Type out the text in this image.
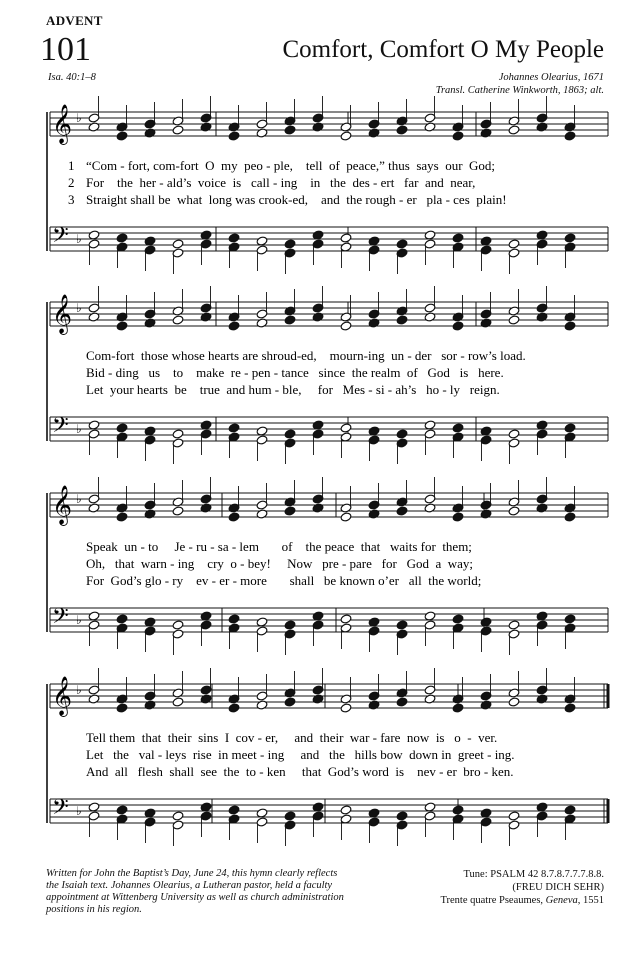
ADVENT
101	Comfort, Comfort O My People
Isa. 40:1–8	Johannes Olearius, 1671
Transl. Catherine Winkworth, 1863; alt.
𝄞 ♭
𝄢 ♭
𝄞 ♭
𝄢 ♭
𝄞 ♭
𝄢 ♭
𝄞 ♭
𝄢 ♭
1 “Com - fort, com-fort  O  my  peo - ple,    tell  of  peace,” thus  says  our  God;
2 For    the  her - ald’s  voice  is   call - ing    in   the  des - ert   far  and  near,
3 Straight shall be  what  long was crook-ed,    and  the rough - er   pla - ces  plain!
Com-fort  those whose hearts are shroud-ed,    mourn-ing  un - der   sor - row’s load.
Bid - ding   us    to    make  re - pen - tance   since  the realm  of   God   is   here.
Let  your hearts  be    true  and hum - ble,     for   Mes - si - ah’s   ho - ly   reign.
Speak  un - to     Je - ru - sa - lem       of    the peace  that   waits for  them;
Oh,   that  warn - ing    cry  o - bey!     Now   pre - pare   for   God  a  way;
For  God’s glo - ry    ev - er - more       shall   be known o’er   all  the world;
Tell them  that  their  sins  I  cov - er,     and  their  war - fare  now  is   o  -  ver.
Let   the   val - leys  rise  in meet - ing     and   the   hills bow  down in  greet - ing.
And  all   flesh  shall  see  the  to - ken     that  God’s word  is    nev - er  bro - ken.
Written for John the Baptist’s Day, June 24, this hymn clearly reflects the Isaiah text. Johannes Olearius, a Lutheran pastor, held a faculty appointment at Wittenberg University as well as church administration positions in his region.
Tune: PSALM 42 8.7.8.7.7.7.8.8.
(FREU DICH SEHR)
Trente quatre Pseaumes, Geneva, 1551
